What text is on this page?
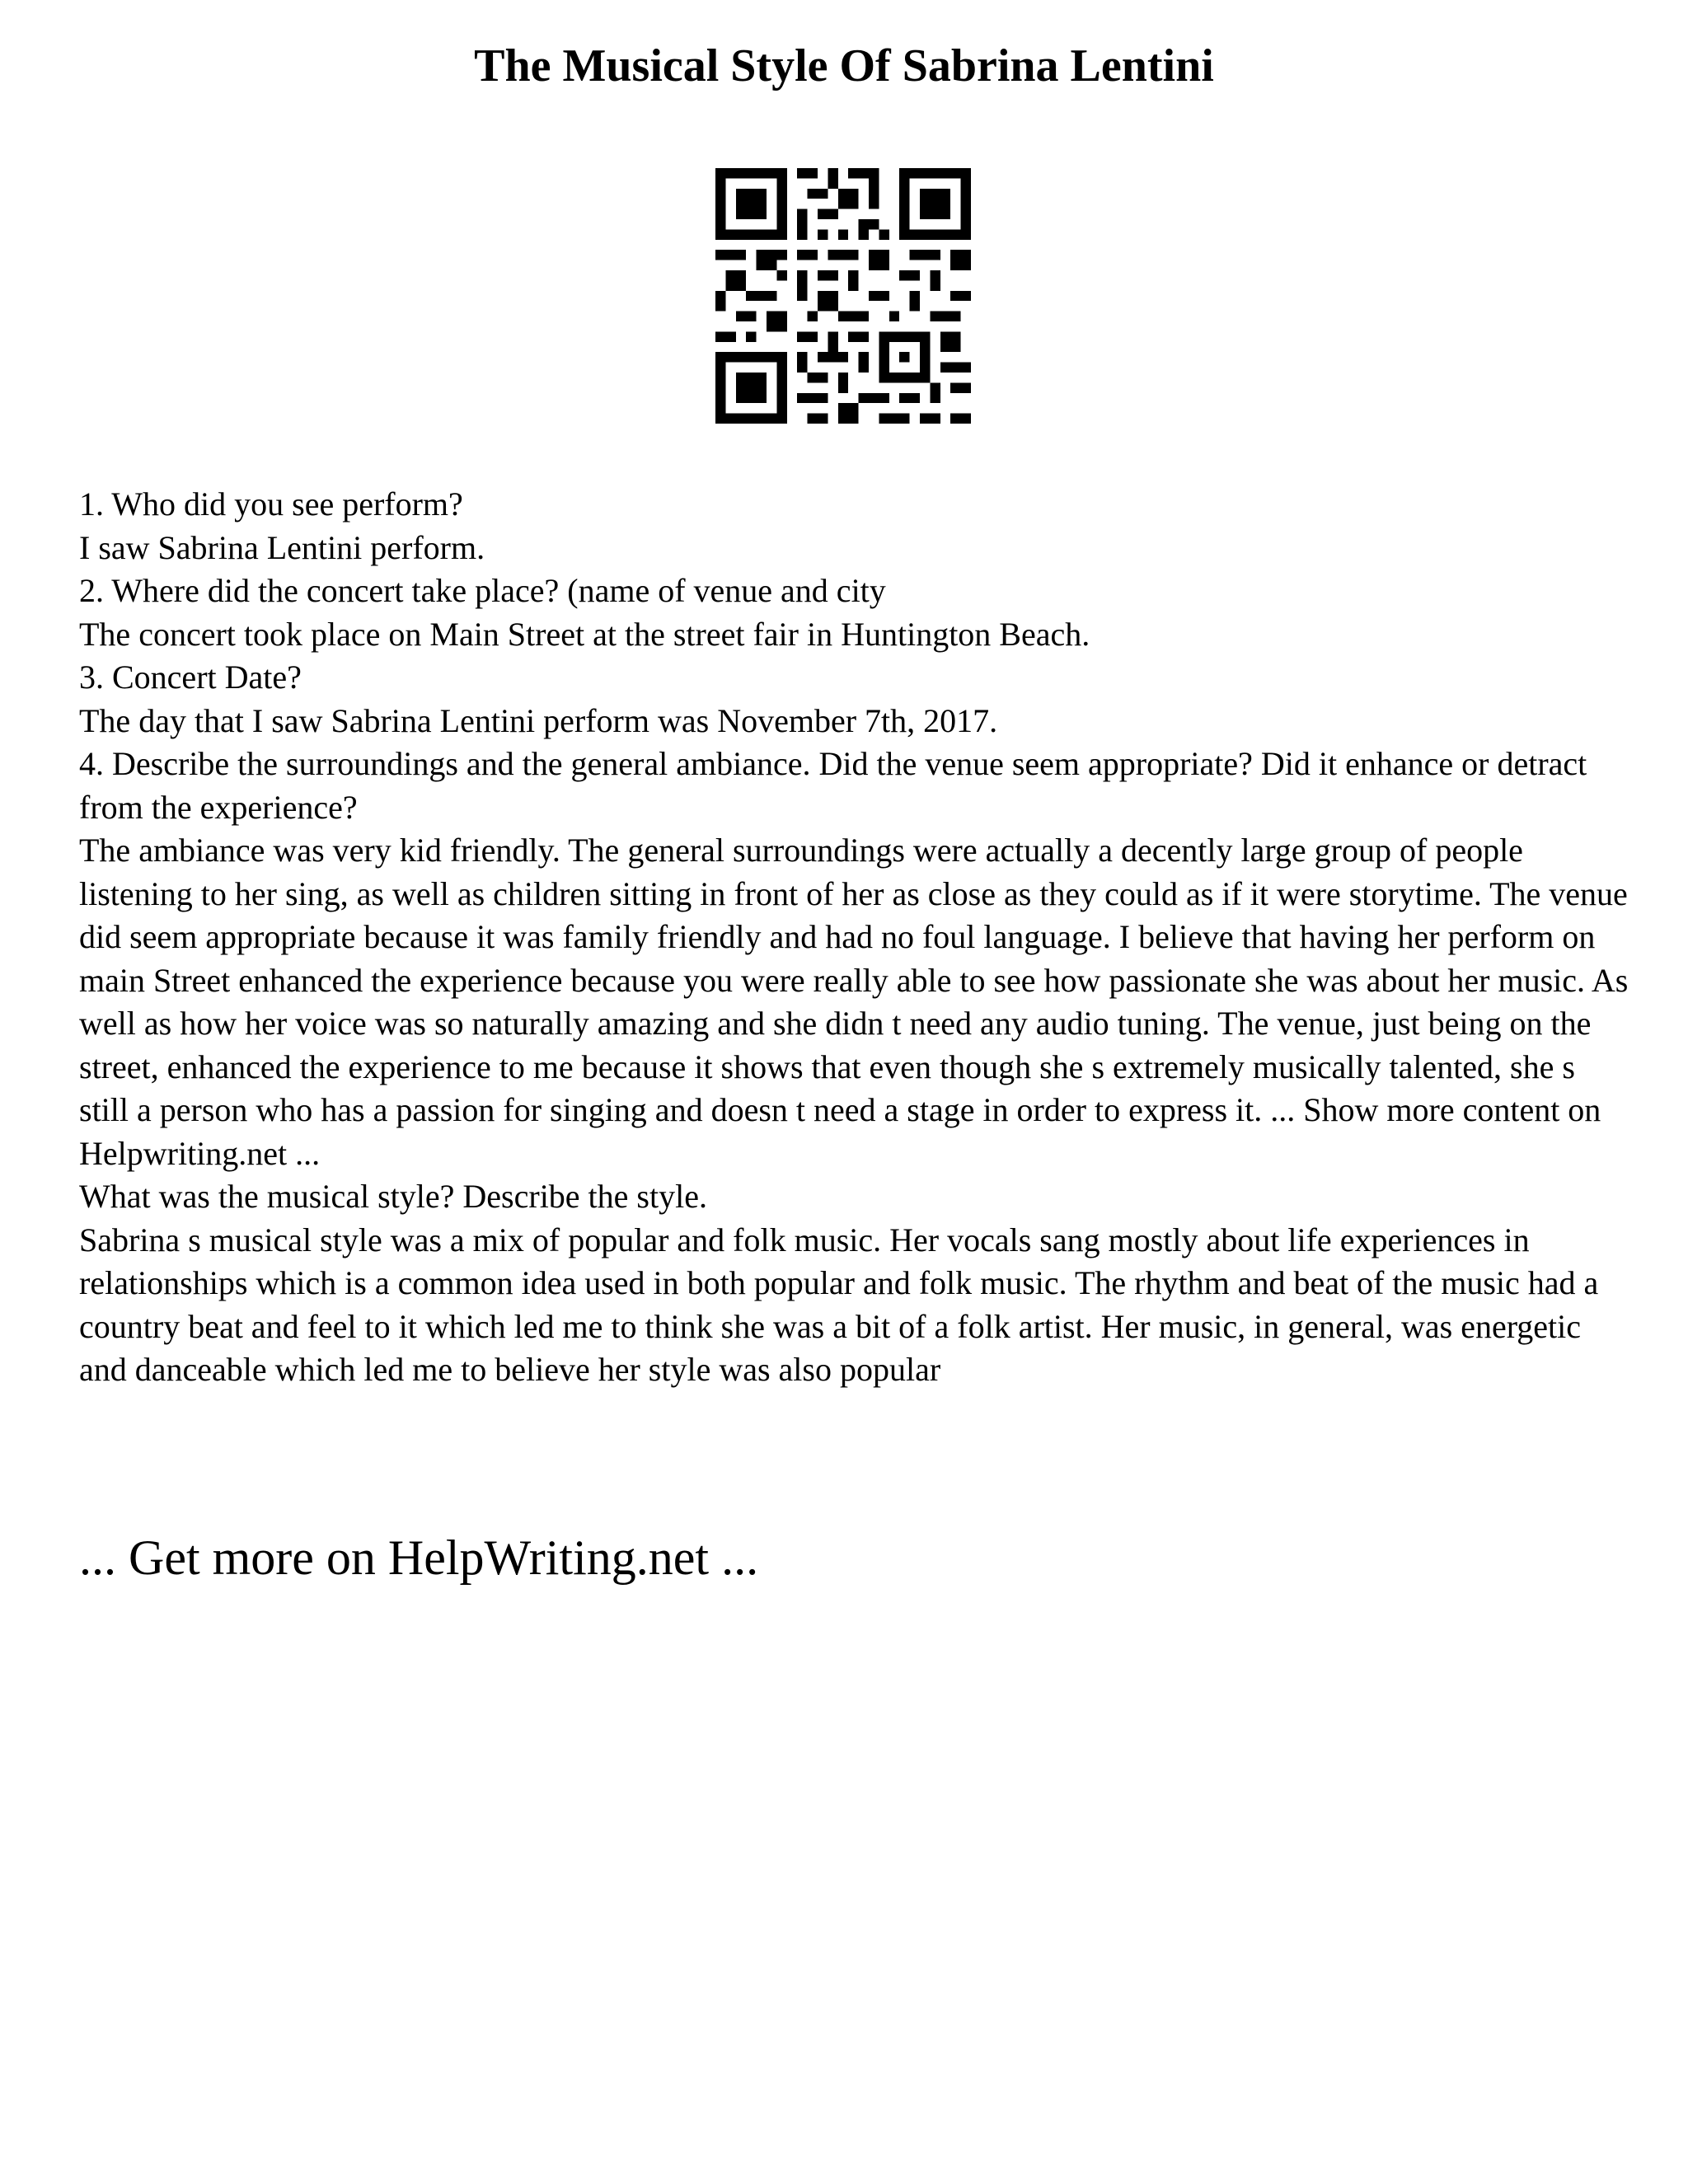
The Musical Style Of Sabrina Lentini

1. Who did you see perform?

I saw Sabrina Lentini perform.

2. Where did the concert take place? (name of venue and city

The concert took place on Main Street at the street fair in Huntington Beach.

3. Concert Date?

The day that I saw Sabrina Lentini perform was November 7th, 2017.

4. Describe the surroundings and the general ambiance. Did the venue seem appropriate? Did it enhance or detract from the experience?

The ambiance was very kid friendly. The general surroundings were actually a decently large group of people listening to her sing, as well as children sitting in front of her as close as they could as if it were storytime. The venue did seem appropriate because it was family friendly and had no foul language. I believe that having her perform on main Street enhanced the experience because you were really able to see how passionate she was about her music. As well as how her voice was so naturally amazing and she didn t need any audio tuning. The venue, just being on the street, enhanced the experience to me because it shows that even though she s extremely musically talented, she s still a person who has a passion for singing and doesn t need a stage in order to express it. ... Show more content on Helpwriting.net ...

What was the musical style? Describe the style.

Sabrina s musical style was a mix of popular and folk music. Her vocals sang mostly about life experiences in relationships which is a common idea used in both popular and folk music. The rhythm and beat of the music had a country beat and feel to it which led me to think she was a bit of a folk artist. Her music, in general, was energetic and danceable which led me to believe her style was also popular

... Get more on HelpWriting.net ...
